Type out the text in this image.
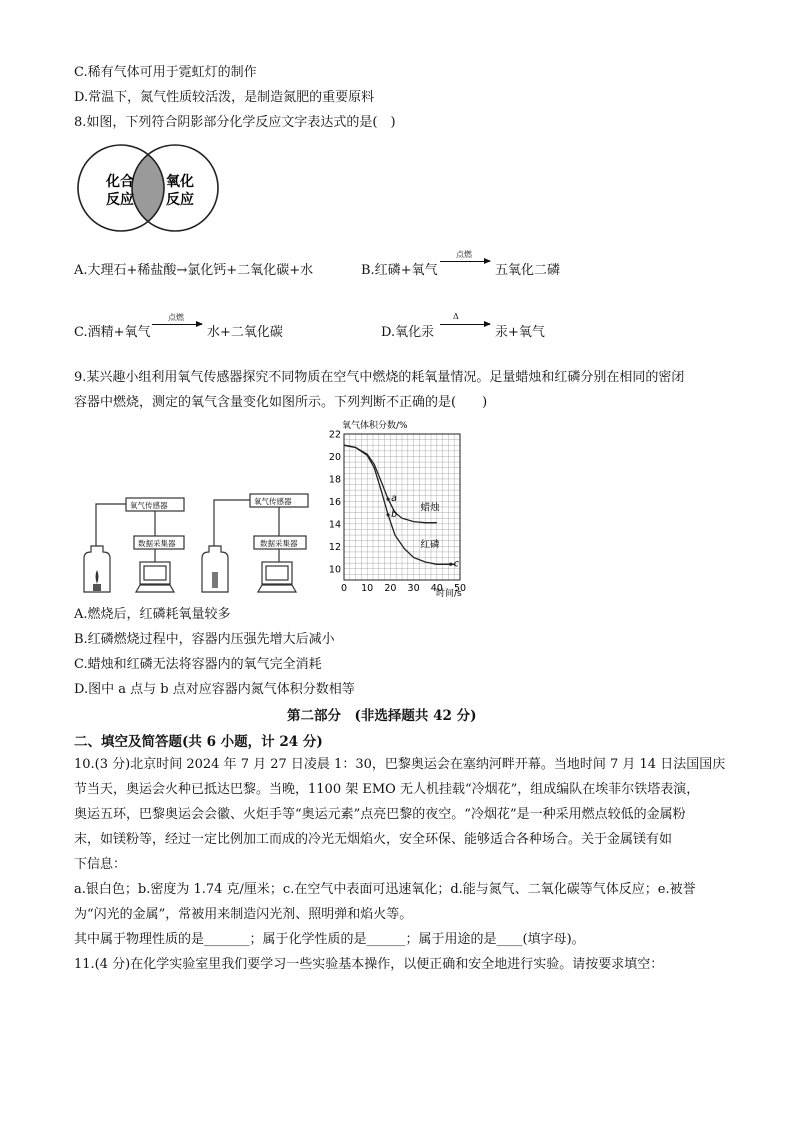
C.稀有气体可用于霓虹灯的制作
D.常温下，氮气性质较活泼，是制造氮肥的重要原料
8.如图，下列符合阴影部分化学反应文字表达式的是(　)
化合
反应
氧化
反应
A.大理石+稀盐酸→氯化钙+二氧化碳+水	B.红磷+氧气
点燃
五氧化二磷
C.酒精+氧气
点燃
水+二氧化碳	D.氧化汞
Δ
汞+氧气
9.某兴趣小组利用氧气传感器探究不同物质在空气中燃烧的耗氧量情况。足量蜡烛和红磷分别在相同的密闭
容器中燃烧，测定的氧气含量变化如图所示。下列判断不正确的是(　　)
氧气传感器
数据采集器
氧气传感器
数据采集器
氧气体积分数/%
时间/s
0 10 20 30 40 50
10
12
14
16
18
20
22
蜡烛
红磷
a
b
c
A.燃烧后，红磷耗氧量较多
B.红磷燃烧过程中，容器内压强先增大后减小
C.蜡烛和红磷无法将容器内的氧气完全消耗
D.图中 a 点与 b 点对应容器内氮气体积分数相等
第二部分　(非选择题共 42 分)
二、填空及简答题(共 6 小题，计 24 分)
10.(3 分)北京时间 2024 年 7 月 27 日凌晨 1：30，巴黎奥运会在塞纳河畔开幕。当地时间 7 月 14 日法国国庆
节当天，奥运会火种已抵达巴黎。当晚，1100 架 EMO 无人机挂载“冷烟花”，组成编队在埃菲尔铁塔表演，
奥运五环，巴黎奥运会会徽、火炬手等“奥运元素”点亮巴黎的夜空。“冷烟花”是一种采用燃点较低的金属粉
末，如镁粉等，经过一定比例加工而成的冷光无烟焰火，安全环保、能够适合各种场合。关于金属镁有如
下信息：
a.银白色；b.密度为 1.74 克/厘米；c.在空气中表面可迅速氧化；d.能与氮气、二氧化碳等气体反应；e.被誉
为“闪光的金属”，常被用来制造闪光剂、照明弹和焰火等。
其中属于物理性质的是_______；属于化学性质的是______；属于用途的是____(填字母)。
11.(4 分)在化学实验室里我们要学习一些实验基本操作，以便正确和安全地进行实验。请按要求填空：
